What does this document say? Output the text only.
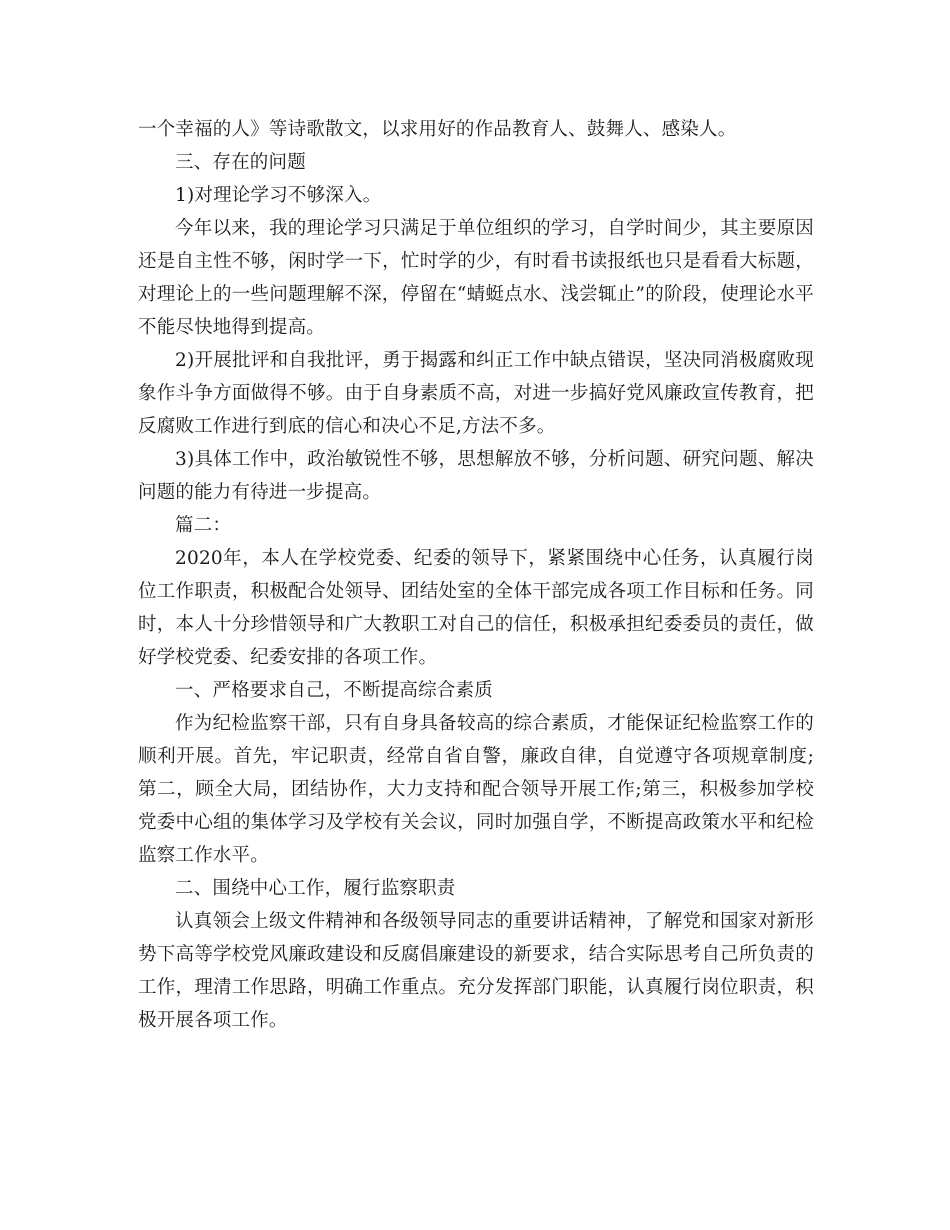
一个幸福的人》等诗歌散文，以求用好的作品教育人、鼓舞人、感染人。

三、存在的问题

1)对理论学习不够深入。

今年以来，我的理论学习只满足于单位组织的学习，自学时间少，其主要原因还是自主性不够，闲时学一下，忙时学的少，有时看书读报纸也只是看看大标题，对理论上的一些问题理解不深，停留在“蜻蜓点水、浅尝辄止”的阶段，使理论水平不能尽快地得到提高。

2)开展批评和自我批评，勇于揭露和纠正工作中缺点错误，坚决同消极腐败现象作斗争方面做得不够。由于自身素质不高，对进一步搞好党风廉政宣传教育，把反腐败工作进行到底的信心和决心不足,方法不多。

3)具体工作中，政治敏锐性不够，思想解放不够，分析问题、研究问题、解决问题的能力有待进一步提高。

篇二：

2020年，本人在学校党委、纪委的领导下，紧紧围绕中心任务，认真履行岗位工作职责，积极配合处领导、团结处室的全体干部完成各项工作目标和任务。同时，本人十分珍惜领导和广大教职工对自己的信任，积极承担纪委委员的责任，做好学校党委、纪委安排的各项工作。

一、严格要求自己，不断提高综合素质

作为纪检监察干部，只有自身具备较高的综合素质，才能保证纪检监察工作的顺利开展。首先，牢记职责，经常自省自警，廉政自律，自觉遵守各项规章制度;第二，顾全大局，团结协作，大力支持和配合领导开展工作;第三，积极参加学校党委中心组的集体学习及学校有关会议，同时加强自学，不断提高政策水平和纪检监察工作水平。

二、围绕中心工作，履行监察职责

认真领会上级文件精神和各级领导同志的重要讲话精神，了解党和国家对新形势下高等学校党风廉政建设和反腐倡廉建设的新要求，结合实际思考自己所负责的工作，理清工作思路，明确工作重点。充分发挥部门职能，认真履行岗位职责，积极开展各项工作。
